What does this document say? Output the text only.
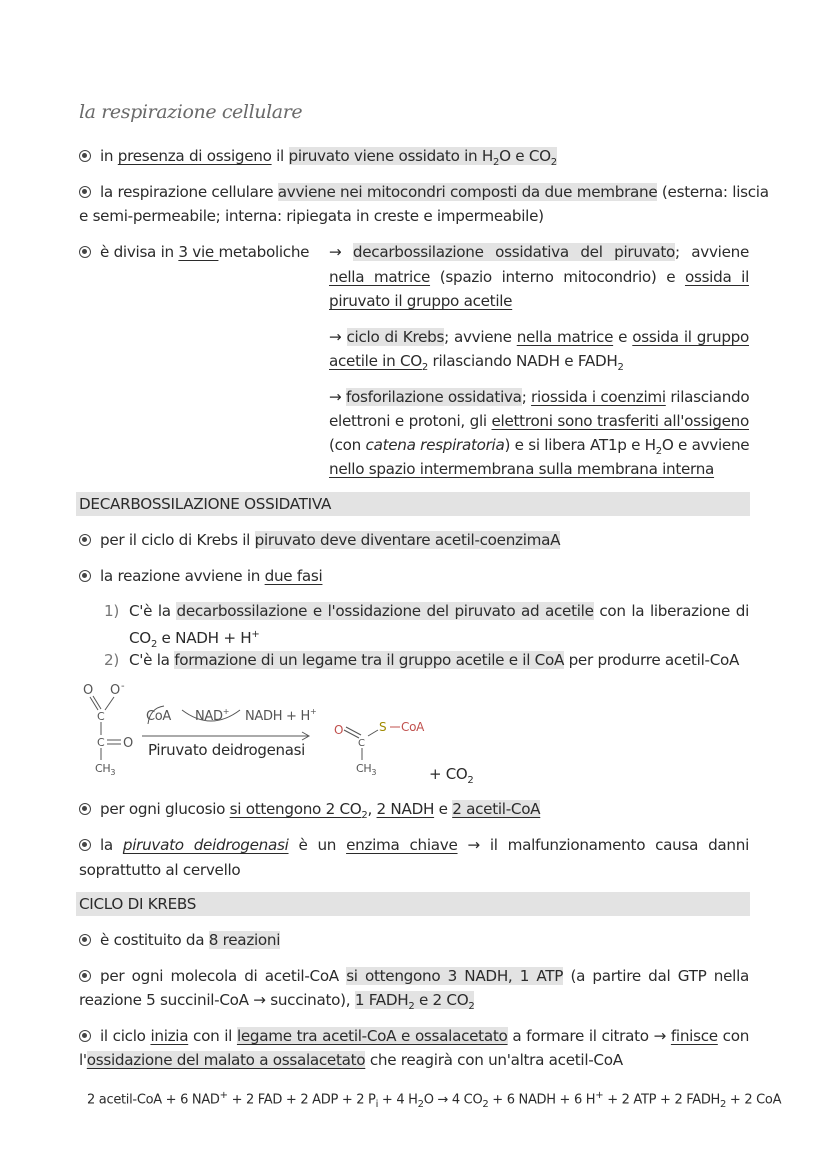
la respirazione cellulare
in presenza di ossigeno il piruvato viene ossidato in $H_2O$ e $CO_2$
la respirazione cellulare avviene nei mitocondri composti da due membrane (esterna: liscia
e semi-permeabile; interna: ripiegata in creste e impermeabile)
è divisa in 3 vie metaboliche → decarbossilazione ossidativa del piruvato; avviene
nella matrice (spazio interno mitocondrio) e ossida il
piruvato il gruppo acetile
→ ciclo di Krebs; avviene nella matrice e ossida il gruppo
acetile in $CO_2$ rilasciando NADH e $FADH_2$
→ fosforilazione ossidativa; riossida i coenzimi rilasciando
elettroni e protoni, gli elettroni sono trasferiti all'ossigeno
(con catena respiratoria) e si libera AT1p e $H_2O$ e avviene
nello spazio intermembrana sulla membrana interna
DECARBOSSILAZIONE OSSIDATIVA
per il ciclo di Krebs il piruvato deve diventare acetil-coenzimaA
la reazione avviene in due fasi
1) C'è la decarbossilazione e l'ossidazione del piruvato ad acetile con la liberazione di
$CO_2$ e NADH + H+
2) C'è la formazione di un legame tra il gruppo acetile e il CoA per produrre acetil-CoA
O O -
C
C O
$CH_3$
CoA NAD+ NADH + H+
Piruvato deidrogenasi
O
C
S CoA
$CH_3$	+ $CO_2$
per ogni glucosio si ottengono 2 $CO_2$, 2 NADH e 2 acetil-CoA
la piruvato deidrogenasi è un enzima chiave → il malfunzionamento causa danni
soprattutto al cervello
CICLO DI KREBS
è costituito da 8 reazioni
per ogni molecola di acetil-CoA si ottengono 3 NADH, 1 ATP (a partire dal GTP nella
reazione 5 succinil-CoA → succinato), 1 $FADH_2$ e 2 $CO_2$
il ciclo inizia con il legame tra acetil-CoA e ossalacetato a formare il citrato → finisce con
l'ossidazione del malato a ossalacetato che reagirà con un'altra acetil-CoA
2 acetil-CoA + 6 NAD+ + 2 FAD + 2 ADP + 2 $P_i + 4$ $H_2O \to 4$ $CO_2 + 6$ NADH + 6 H+ + 2 ATP + 2 $FADH_2 + 2$ CoA
